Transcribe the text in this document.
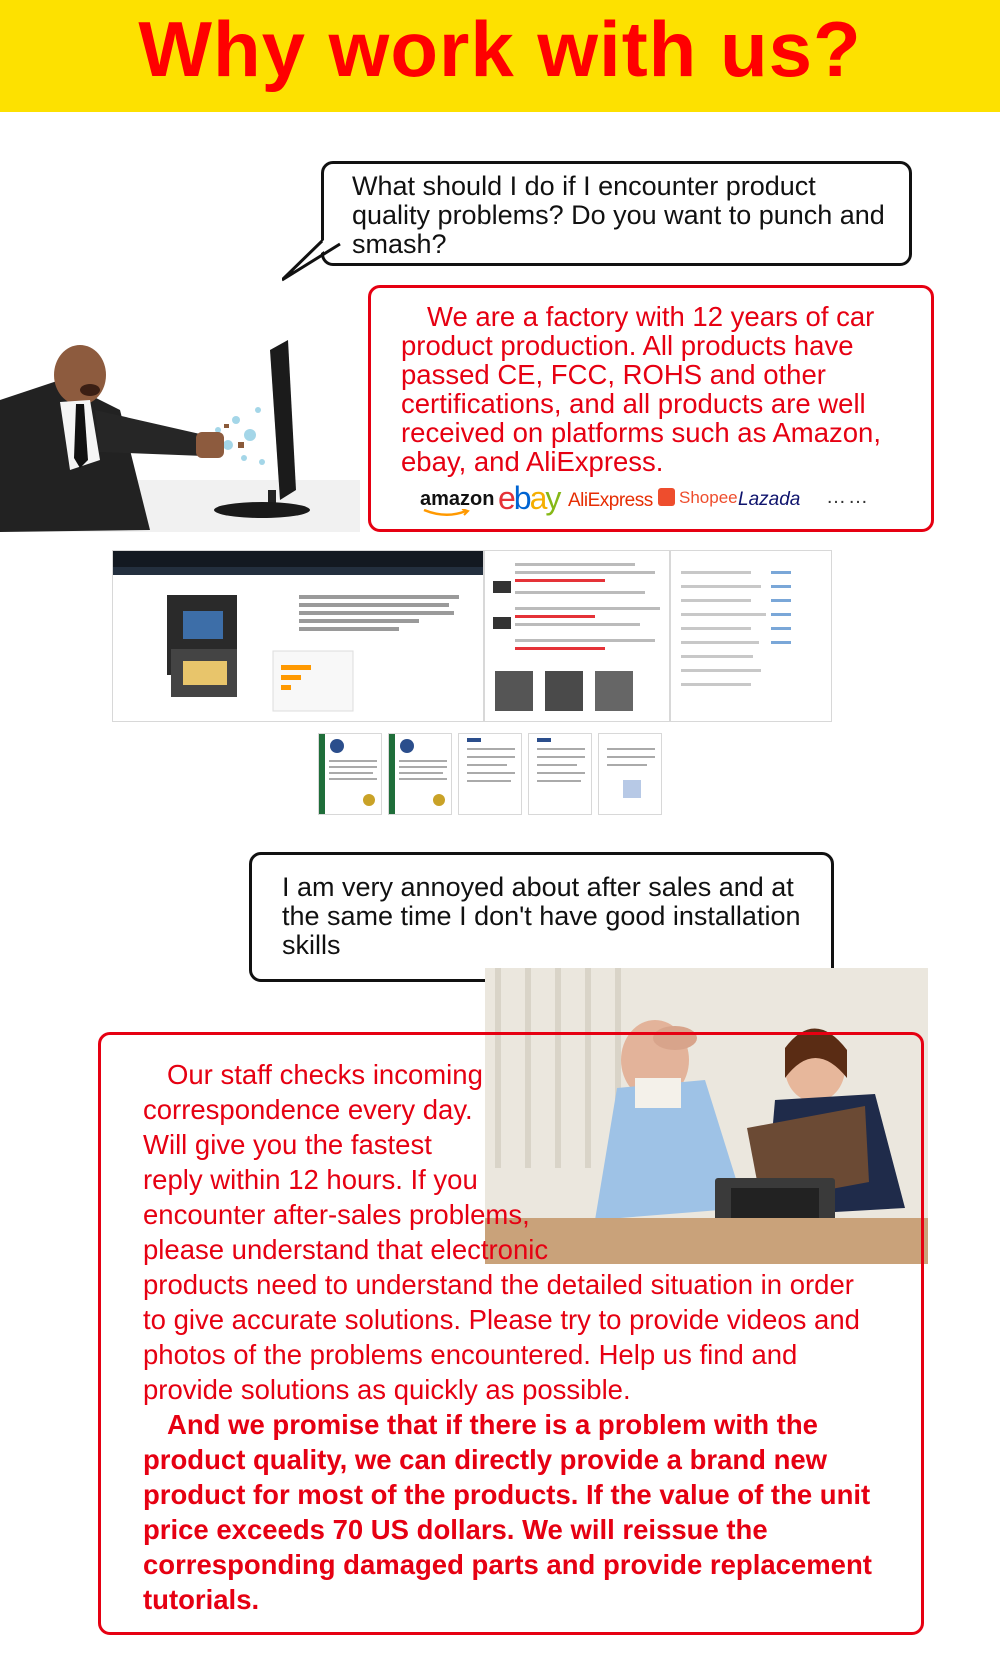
Why work with us?
What should I do if I encounter product quality problems? Do you want to punch and smash?
We are a factory with 12 years of car product production. All products have passed CE, FCC, ROHS and other certifications, and all products are well received on platforms such as Amazon, ebay, and AliExpress.
amazon ebay AliExpress	Shopee Lazada ……
I am very annoyed about after sales and at the same time I don't have good installation skills

Our staff checks incoming

correspondence every day.

Will give you the fastest

reply within 12 hours. If you

encounter after-sales problems,

please understand that electronic

products need to understand the detailed situation in order to give accurate solutions. Please try to provide videos and photos of the problems encountered. Help us find and provide solutions as quickly as possible.

And we promise that if there is a problem with the product quality, we can directly provide a brand new product for most of the products. If the value of the unit price exceeds 70 US dollars. We will reissue the corresponding damaged parts and provide replacement tutorials.
